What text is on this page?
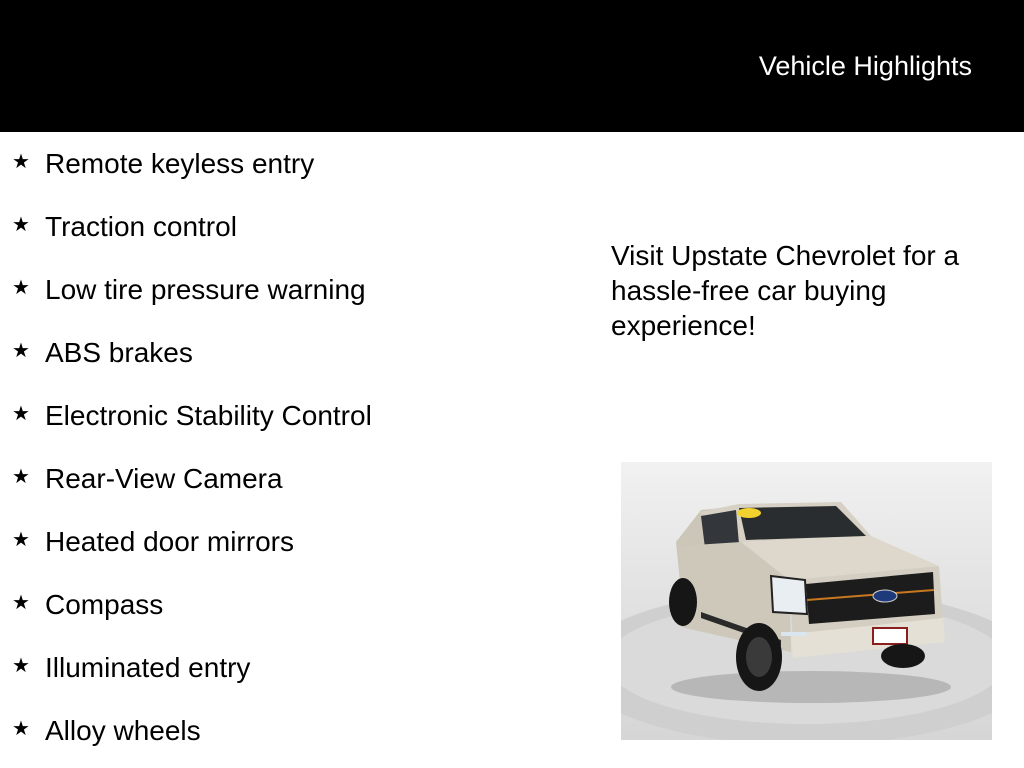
Vehicle Highlights
★ Remote keyless entry
★ Traction control
★ Low tire pressure warning
★ ABS brakes
★ Electronic Stability Control
★ Rear-View Camera
★ Heated door mirrors
★ Compass
★ Illuminated entry
★ Alloy wheels
Visit Upstate Chevrolet for a hassle-free car buying experience!
